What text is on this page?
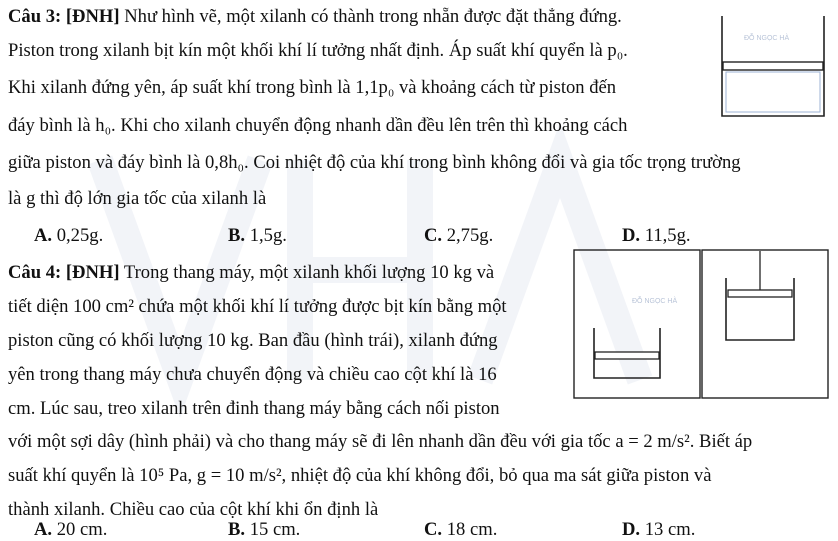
Câu 3: [ĐNH] Như hình vẽ, một xilanh có thành trong nhẵn được đặt thẳng đứng.
Piston trong xilanh bịt kín một khối khí lí tưởng nhất định. Áp suất khí quyển là p₀.
Khi xilanh đứng yên, áp suất khí trong bình là 1,1p₀ và khoảng cách từ piston đến
đáy bình là h₀. Khi cho xilanh chuyển động nhanh dần đều lên trên thì khoảng cách
giữa piston và đáy bình là 0,8h₀. Coi nhiệt độ của khí trong bình không đổi và gia tốc trọng trường
là g thì độ lớn gia tốc của xilanh là
A. 0,25g.	B. 1,5g.	C. 2,75g.	D. 11,5g.
ĐỖ NGỌC HÀ
Câu 4: [ĐNH] Trong thang máy, một xilanh khối lượng 10 kg và
tiết diện 100 cm² chứa một khối khí lí tưởng được bịt kín bằng một
piston cũng có khối lượng 10 kg. Ban đầu (hình trái), xilanh đứng
yên trong thang máy chưa chuyển động và chiều cao cột khí là 16
cm. Lúc sau, treo xilanh trên đinh thang máy bằng cách nối piston
với một sợi dây (hình phải) và cho thang máy sẽ đi lên nhanh dần đều với gia tốc a = 2 m/s². Biết áp
suất khí quyển là 10⁵ Pa, g = 10 m/s², nhiệt độ của khí không đổi, bỏ qua ma sát giữa piston và
thành xilanh. Chiều cao của cột khí khi ổn định là
A. 20 cm.	B. 15 cm.	C. 18 cm.	D. 13 cm.
ĐỖ NGỌC HÀ
